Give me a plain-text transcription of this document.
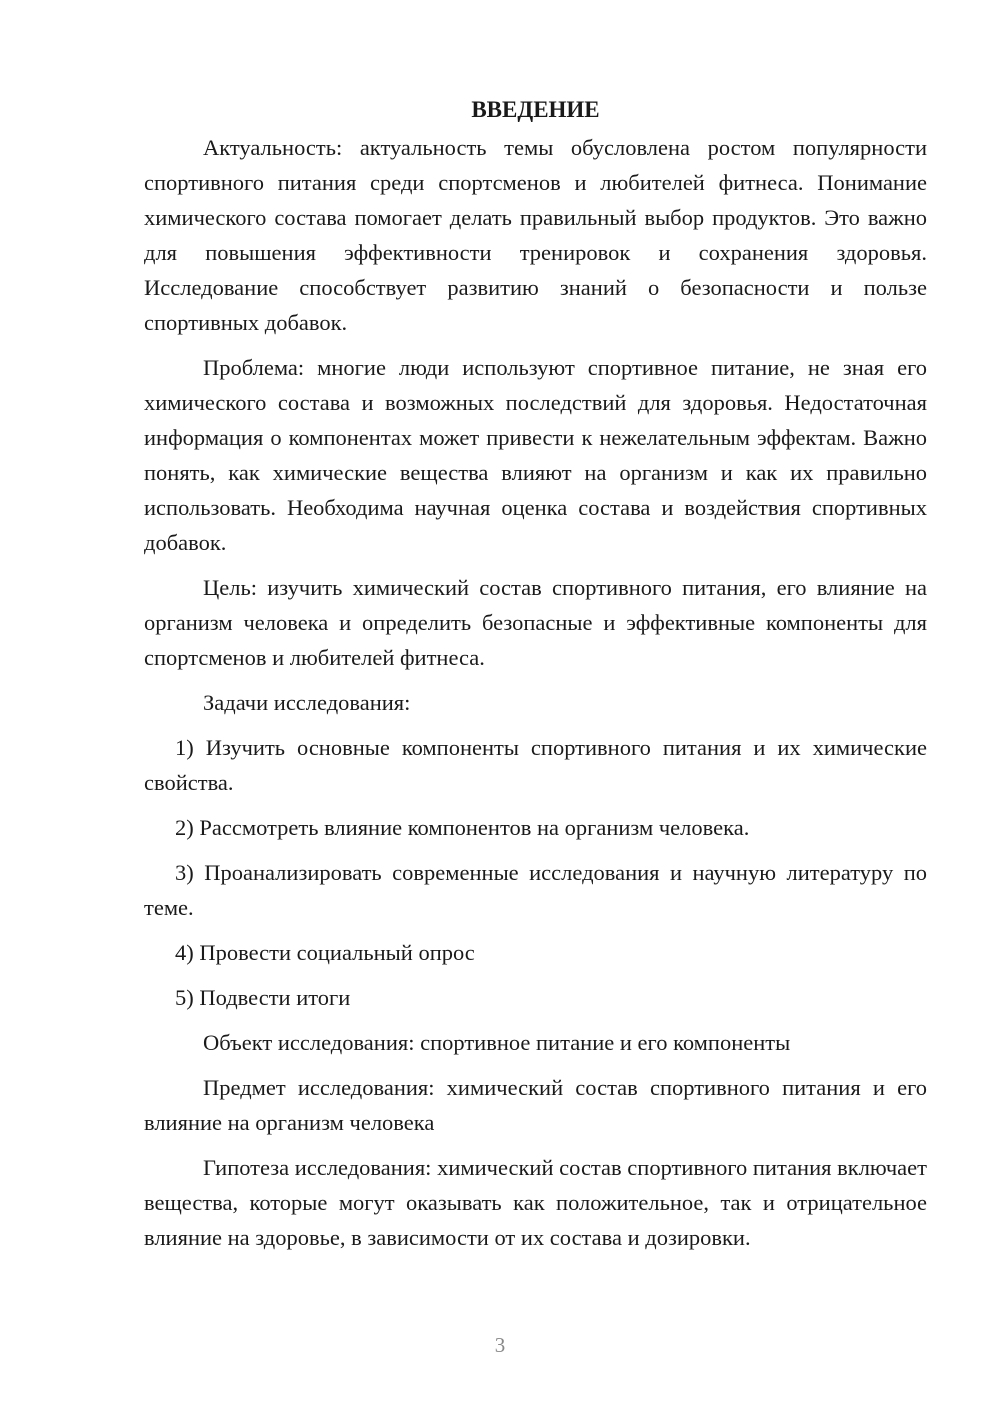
ВВЕДЕНИЕ

Актуальность: актуальность темы обусловлена ростом популярности спортивного питания среди спортсменов и любителей фитнеса. Понимание химического состава помогает делать правильный выбор продуктов. Это важно для повышения эффективности тренировок и сохранения здоровья. Исследование способствует развитию знаний о безопасности и пользе спортивных добавок.

Проблема: многие люди используют спортивное питание, не зная его химического состава и возможных последствий для здоровья. Недостаточная информация о компонентах может привести к нежелательным эффектам. Важно понять, как химические вещества влияют на организм и как их правильно использовать. Необходима научная оценка состава и воздействия спортивных добавок.

Цель: изучить химический состав спортивного питания, его влияние на организм человека и определить безопасные и эффективные компоненты для спортсменов и любителей фитнеса.

Задачи исследования:

1) Изучить основные компоненты спортивного питания и их химические свойства.

2) Рассмотреть влияние компонентов на организм человека.

3) Проанализировать современные исследования и научную литературу по теме.

4) Провести социальный опрос

5) Подвести итоги

Объект исследования: спортивное питание и его компоненты

Предмет исследования: химический состав спортивного питания и его влияние на организм человека

Гипотеза исследования: химический состав спортивного питания включает вещества, которые могут оказывать как положительное, так и отрицательное влияние на здоровье, в зависимости от их состава и дозировки.

3
